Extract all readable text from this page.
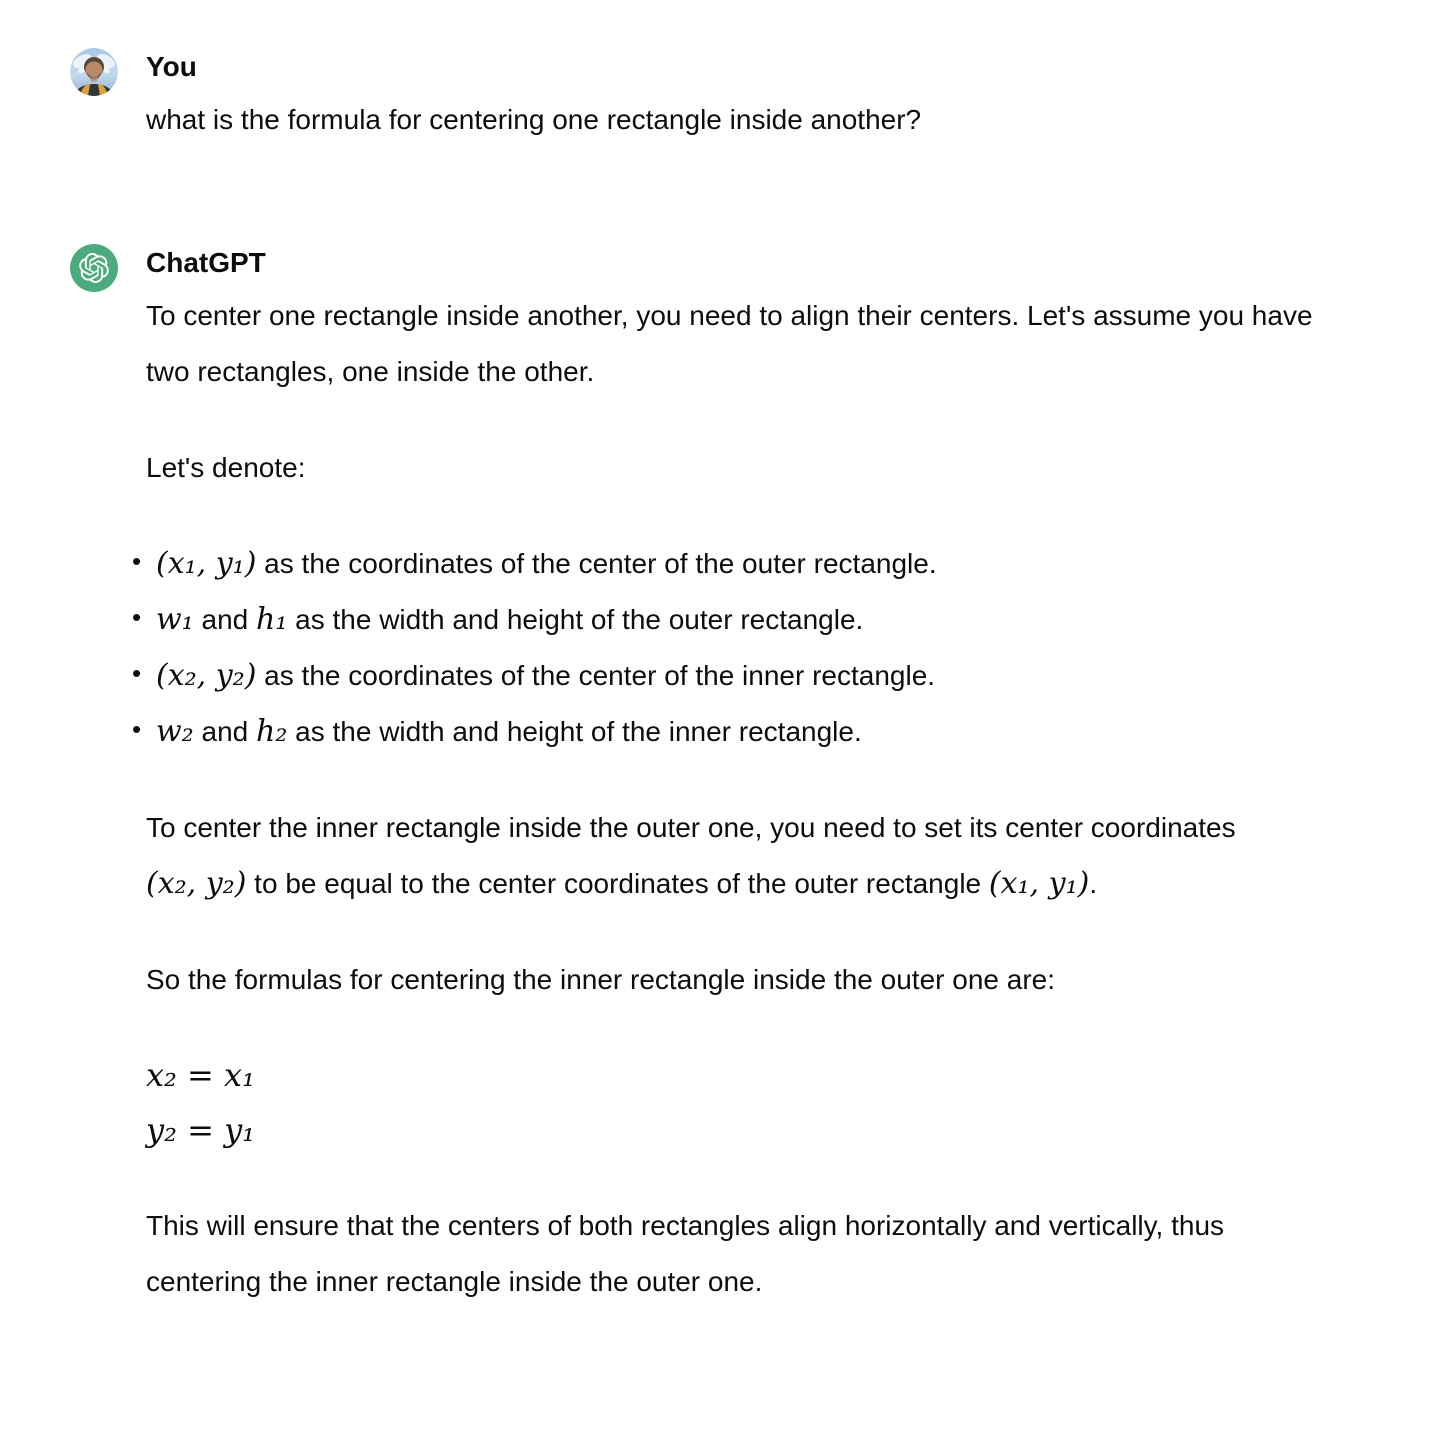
You

what is the formula for centering one rectangle inside another?

ChatGPT

To center one rectangle inside another, you need to align their centers. Let's assume you have two rectangles, one inside the other.

Let's denote:

• (x₁, y₁) as the coordinates of the center of the outer rectangle.
• w₁ and h₁ as the width and height of the outer rectangle.
• (x₂, y₂) as the coordinates of the center of the inner rectangle.
• w₂ and h₂ as the width and height of the inner rectangle.

To center the inner rectangle inside the outer one, you need to set its center coordinates (x₂, y₂) to be equal to the center coordinates of the outer rectangle (x₁, y₁).

So the formulas for centering the inner rectangle inside the outer one are:

x₂ = x₁
y₂ = y₁

This will ensure that the centers of both rectangles align horizontally and vertically, thus centering the inner rectangle inside the outer one.
